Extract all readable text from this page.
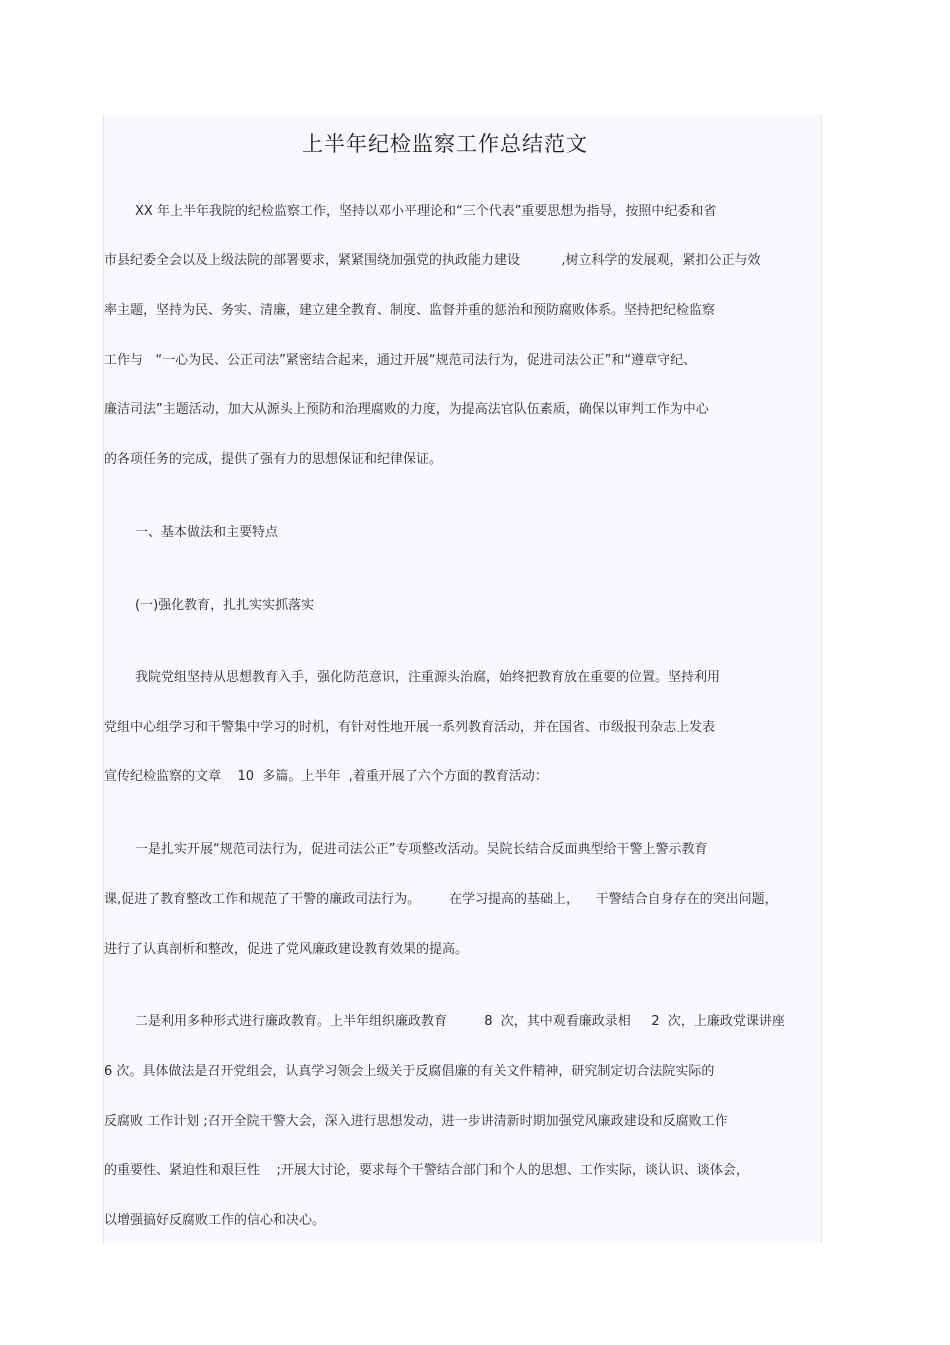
上半年纪检监察工作总结范文
XX 年上半年我院的纪检监察工作，坚持以邓小平理论和“三个代表”重要思想为指导，按照中纪委和省
市县纪委全会以及上级法院的部署要求，紧紧围绕加强党的执政能力建设          ,树立科学的发展观，紧扣公正与效
率主题，坚持为民、务实、清廉，建立建全教育、制度、监督并重的惩治和预防腐败体系。坚持把纪检监察
工作与   “一心为民、公正司法”紧密结合起来，通过开展“规范司法行为，促进司法公正”和“遵章守纪、
廉洁司法”主题活动，加大从源头上预防和治理腐败的力度，为提高法官队伍素质，确保以审判工作为中心
的各项任务的完成，提供了强有力的思想保证和纪律保证。
一、基本做法和主要特点
(一)强化教育，扎扎实实抓落实
我院党组坚持从思想教育入手，强化防范意识，注重源头治腐，始终把教育放在重要的位置。坚持利用
党组中心组学习和干警集中学习的时机，有针对性地开展一系列教育活动，并在国省、市级报刊杂志上发表
宣传纪检监察的文章    10  多篇。上半年  ,着重开展了六个方面的教育活动：
一是扎实开展“规范司法行为，促进司法公正”专项整改活动。吴院长结合反面典型给干警上警示教育
课,促进了教育整改工作和规范了干警的廉政司法行为。       在学习提高的基础上，    干警结合自身存在的突出问题，
进行了认真剖析和整改，促进了党风廉政建设教育效果的提高。
二是利用多种形式进行廉政教育。上半年组织廉政教育         8  次，其中观看廉政录相     2  次，上廉政党课讲座
6 次。具体做法是召开党组会，认真学习领会上级关于反腐倡廉的有关文件精神，研究制定切合法院实际的
反腐败 工作计划 ;召开全院干警大会，深入进行思想发动，进一步讲清新时期加强党风廉政建设和反腐败工作
的重要性、紧迫性和艰巨性    ;开展大讨论，要求每个干警结合部门和个人的思想、工作实际，谈认识、谈体会，
以增强搞好反腐败工作的信心和决心。
